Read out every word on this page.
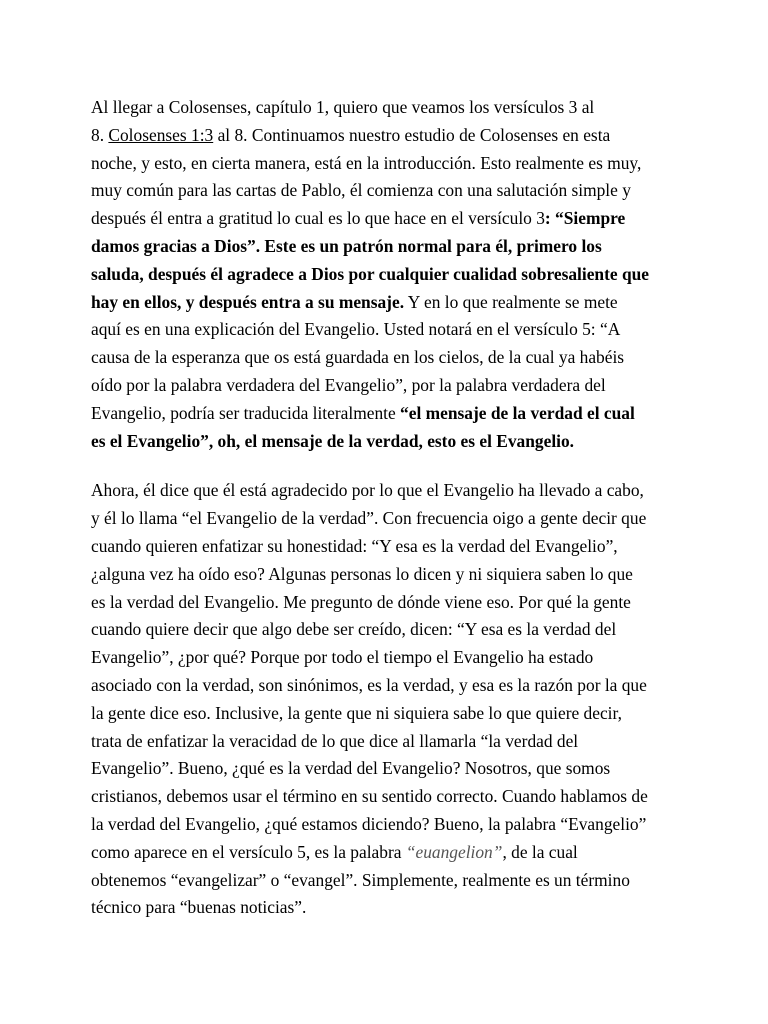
Al llegar a Colosenses, capítulo 1, quiero que veamos los versículos 3 al
8. Colosenses 1:3 al 8. Continuamos nuestro estudio de Colosenses en esta
noche, y esto, en cierta manera, está en la introducción. Esto realmente es muy,
muy común para las cartas de Pablo, él comienza con una salutación simple y
después él entra a gratitud lo cual es lo que hace en el versículo 3: “Siempre
damos gracias a Dios”. Este es un patrón normal para él, primero los
saluda, después él agradece a Dios por cualquier cualidad sobresaliente que
hay en ellos, y después entra a su mensaje. Y en lo que realmente se mete
aquí es en una explicación del Evangelio. Usted notará en el versículo 5: “A
causa de la esperanza que os está guardada en los cielos, de la cual ya habéis
oído por la palabra verdadera del Evangelio”, por la palabra verdadera del
Evangelio, podría ser traducida literalmente “el mensaje de la verdad el cual
es el Evangelio”, oh, el mensaje de la verdad, esto es el Evangelio.

Ahora, él dice que él está agradecido por lo que el Evangelio ha llevado a cabo,
y él lo llama “el Evangelio de la verdad”. Con frecuencia oigo a gente decir que
cuando quieren enfatizar su honestidad: “Y esa es la verdad del Evangelio”,
¿alguna vez ha oído eso? Algunas personas lo dicen y ni siquiera saben lo que
es la verdad del Evangelio. Me pregunto de dónde viene eso. Por qué la gente
cuando quiere decir que algo debe ser creído, dicen: “Y esa es la verdad del
Evangelio”, ¿por qué? Porque por todo el tiempo el Evangelio ha estado
asociado con la verdad, son sinónimos, es la verdad, y esa es la razón por la que
la gente dice eso. Inclusive, la gente que ni siquiera sabe lo que quiere decir,
trata de enfatizar la veracidad de lo que dice al llamarla “la verdad del
Evangelio”. Bueno, ¿qué es la verdad del Evangelio? Nosotros, que somos
cristianos, debemos usar el término en su sentido correcto. Cuando hablamos de
la verdad del Evangelio, ¿qué estamos diciendo? Bueno, la palabra “Evangelio”
como aparece en el versículo 5, es la palabra “euangelion”, de la cual
obtenemos “evangelizar” o “evangel”. Simplemente, realmente es un término
técnico para “buenas noticias”.
